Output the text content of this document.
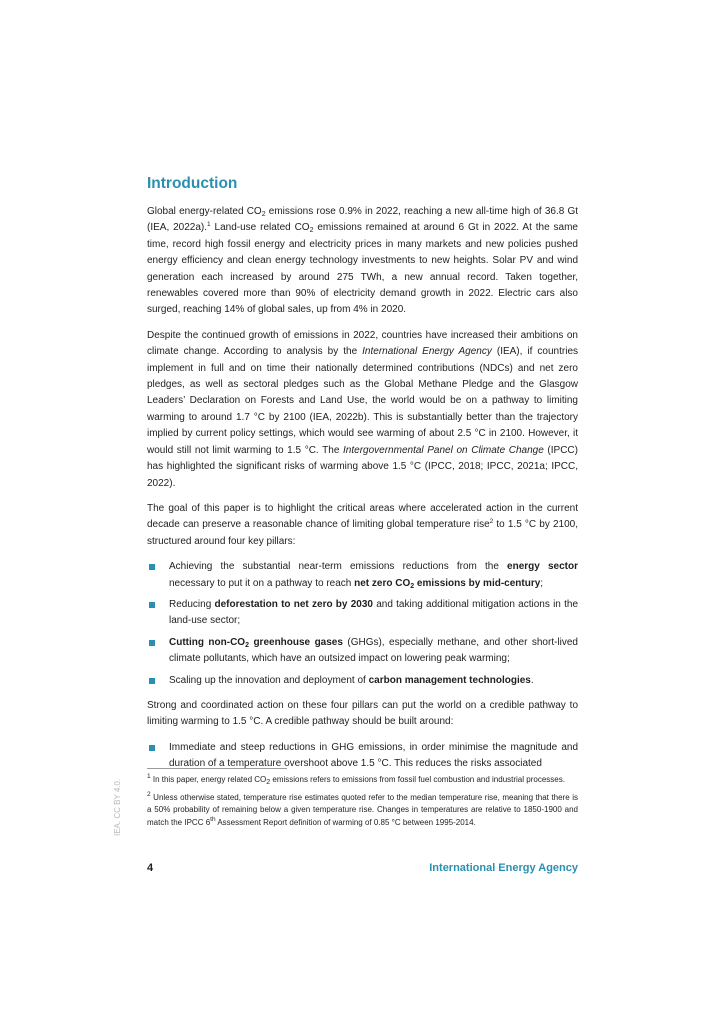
Introduction

Global energy-related $CO_2$ emissions rose 0.9% in 2022, reaching a new all-time high of 36.8 Gt (IEA, 2022a).$^1$ Land-use related $CO_2$ emissions remained at around 6 Gt in 2022. At the same time, record high fossil energy and electricity prices in many markets and new policies pushed energy efficiency and clean energy technology investments to new heights. Solar PV and wind generation each increased by around 275 TWh, a new annual record. Taken together, renewables covered more than 90% of electricity demand growth in 2022. Electric cars also surged, reaching 14% of global sales, up from 4% in 2020.

Despite the continued growth of emissions in 2022, countries have increased their ambitions on climate change. According to analysis by the International Energy Agency (IEA), if countries implement in full and on time their nationally determined contributions (NDCs) and net zero pledges, as well as sectoral pledges such as the Global Methane Pledge and the Glasgow Leaders’ Declaration on Forests and Land Use, the world would be on a pathway to limiting warming to around 1.7 °C by 2100 (IEA, 2022b). This is substantially better than the trajectory implied by current policy settings, which would see warming of about 2.5 °C in 2100. However, it would still not limit warming to 1.5 °C. The Intergovernmental Panel on Climate Change (IPCC) has highlighted the significant risks of warming above 1.5 °C (IPCC, 2018; IPCC, 2021a; IPCC, 2022).

The goal of this paper is to highlight the critical areas where accelerated action in the current decade can preserve a reasonable chance of limiting global temperature rise$^2$ to 1.5 °C by 2100, structured around four key pillars:

Achieving the substantial near-term emissions reductions from the energy sector necessary to put it on a pathway to reach net zero $CO_2$ emissions by mid-century;
Reducing deforestation to net zero by 2030 and taking additional mitigation actions in the land-use sector;
Cutting non-$CO_2$ greenhouse gases (GHGs), especially methane, and other short-lived climate pollutants, which have an outsized impact on lowering peak warming;
Scaling up the innovation and deployment of carbon management technologies.

Strong and coordinated action on these four pillars can put the world on a credible pathway to limiting warming to 1.5 °C. A credible pathway should be built around:

Immediate and steep reductions in GHG emissions, in order minimise the magnitude and duration of a temperature overshoot above 1.5 °C. This reduces the risks associated

$^1$ In this paper, energy related $CO_2$ emissions refers to emissions from fossil fuel combustion and industrial processes.

$^2$ Unless otherwise stated, temperature rise estimates quoted refer to the median temperature rise, meaning that there is a 50% probability of remaining below a given temperature rise. Changes in temperatures are relative to 1850-1900 and match the IPCC 6th Assessment Report definition of warming of 0.85 °C between 1995-2014.

IEA. CC BY 4.0.
4	International Energy Agency
